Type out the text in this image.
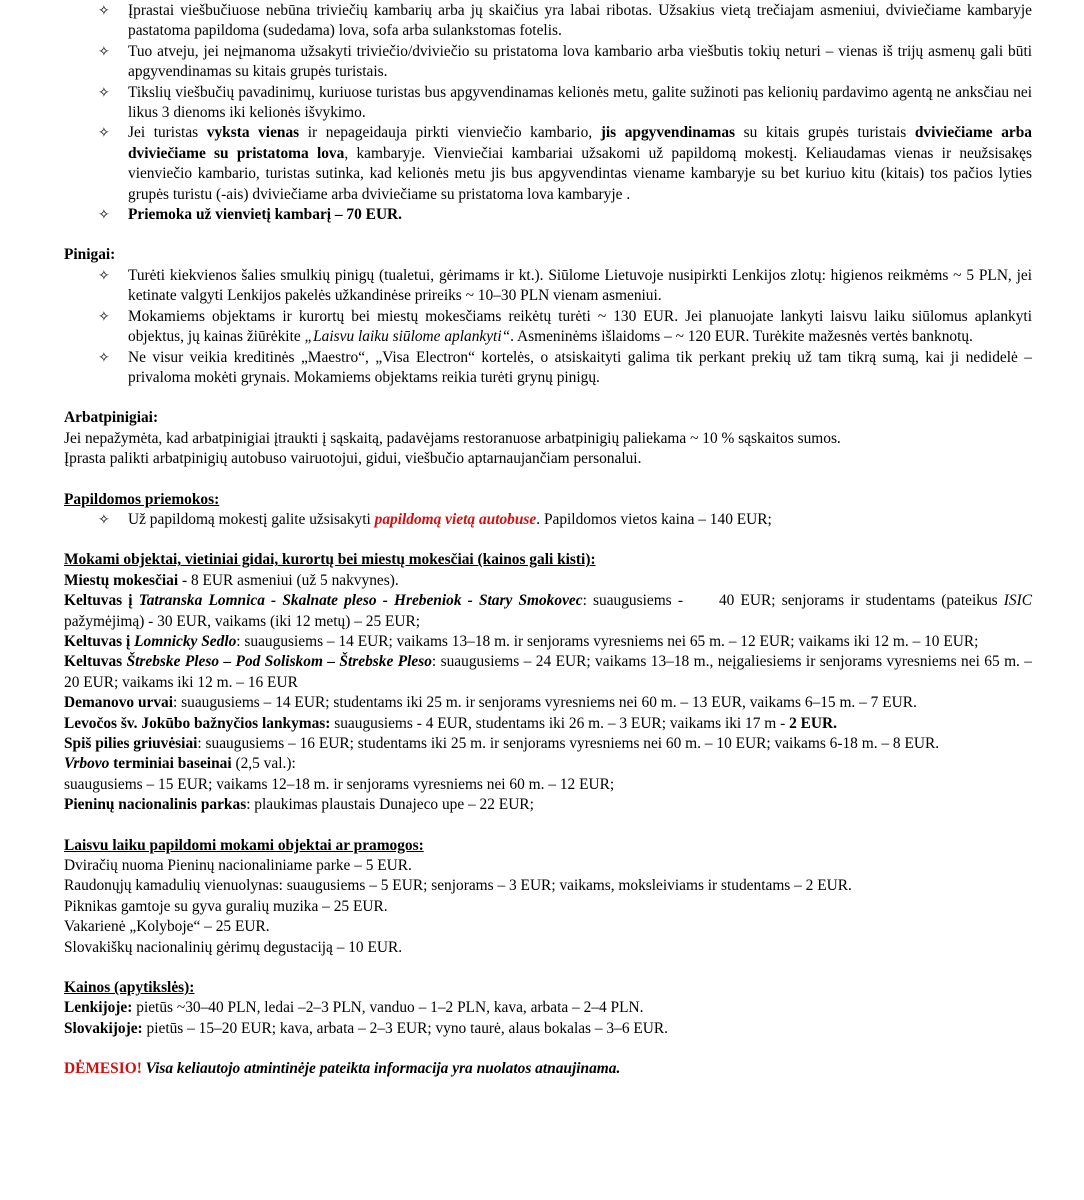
✧ Įprastai viešbučiuose nebūna triviečių kambarių arba jų skaičius yra labai ribotas. Užsakius vietą trečiajam asmeniui, dviviečiame kambaryje pastatoma papildoma (sudedama) lova, sofa arba sulankstomas fotelis.
✧ Tuo atveju, jei neįmanoma užsakyti triviečio/dviviečio su pristatoma lova kambario arba viešbutis tokių neturi – vienas iš trijų asmenų gali būti apgyvendinamas su kitais grupės turistais.
✧ Tikslių viešbučių pavadinimų, kuriuose turistas bus apgyvendinamas kelionės metu, galite sužinoti pas kelionių pardavimo agentą ne anksčiau nei likus 3 dienoms iki kelionės išvykimo.
✧ Jei turistas vyksta vienas ir nepageidauja pirkti vienviečio kambario, jis apgyvendinamas su kitais grupės turistais dviviečiame arba dviviečiame su pristatoma lova, kambaryje. Vienviečiai kambariai užsakomi už papildomą mokestį. Keliaudamas vienas ir neužsisakęs vienviečio kambario, turistas sutinka, kad kelionės metu jis bus apgyvendintas viename kambaryje su bet kuriuo kitu (kitais) tos pačios lyties grupės turistu (-ais) dviviečiame arba dviviečiame su pristatoma lova kambaryje .
✧ Priemoka už vienvietį kambarį – 70 EUR.
Pinigai:
✧ Turėti kiekvienos šalies smulkių pinigų (tualetui, gėrimams ir kt.). Siūlome Lietuvoje nusipirkti Lenkijos zlotų: higienos reikmėms ~ 5 PLN, jei ketinate valgyti Lenkijos pakelės užkandinėse prireiks ~ 10–30 PLN vienam asmeniui.
✧ Mokamiems objektams ir kurortų bei miestų mokesčiams reikėtų turėti ~ 130 EUR. Jei planuojate lankyti laisvu laiku siūlomus aplankyti objektus, jų kainas žiūrėkite „Laisvu laiku siūlome aplankyti“. Asmeninėms išlaidoms – ~ 120 EUR. Turėkite mažesnės vertės banknotų.
✧ Ne visur veikia kreditinės „Maestro“, „Visa Electron“ kortelės, o atsiskaityti galima tik perkant prekių už tam tikrą sumą, kai ji nedidelė – privaloma mokėti grynais. Mokamiems objektams reikia turėti grynų pinigų.
Arbatpinigiai:
Jei nepažymėta, kad arbatpinigiai įtraukti į sąskaitą, padavėjams restoranuose arbatpinigių paliekama ~ 10 % sąskaitos sumos.
Įprasta palikti arbatpinigių autobuso vairuotojui, gidui, viešbučio aptarnaujančiam personalui.
Papildomos priemokos:
✧ Už papildomą mokestį galite užsisakyti papildomą vietą autobuse. Papildomos vietos kaina – 140 EUR;
Mokami objektai, vietiniai gidai, kurortų bei miestų mokesčiai (kainos gali kisti):
Miestų mokesčiai - 8 EUR asmeniui (už 5 nakvynes).
Keltuvas į Tatranska Lomnica - Skalnate pleso - Hrebeniok - Stary Smokovec: suaugusiems - 40 EUR; senjorams ir studentams (pateikus ISIC pažymėjimą) - 30 EUR, vaikams (iki 12 metų) – 25 EUR;
Keltuvas į Lomnicky Sedlo: suaugusiems – 14 EUR; vaikams 13–18 m. ir senjorams vyresniems nei 65 m. – 12 EUR; vaikams iki 12 m. – 10 EUR;
Keltuvas Štrebske Pleso – Pod Soliskom – Štrebske Pleso: suaugusiems – 24 EUR; vaikams 13–18 m., neįgaliesiems ir senjorams vyresniems nei 65 m. – 20 EUR; vaikams iki 12 m. – 16 EUR
Demanovo urvai: suaugusiems – 14 EUR; studentams iki 25 m. ir senjorams vyresniems nei 60 m. – 13 EUR, vaikams 6–15 m. – 7 EUR.
Levočos šv. Jokūbo bažnyčios lankymas: suaugusiems - 4 EUR, studentams iki 26 m. – 3 EUR; vaikams iki 17 m - 2 EUR.
Spiš pilies griuvėsiai: suaugusiems – 16 EUR; studentams iki 25 m. ir senjorams vyresniems nei 60 m. – 10 EUR; vaikams 6-18 m. – 8 EUR.
Vrbovo terminiai baseinai (2,5 val.):
suaugusiems – 15 EUR; vaikams 12–18 m. ir senjorams vyresniems nei 60 m. – 12 EUR;
Pieninų nacionalinis parkas: plaukimas plaustais Dunajeco upe – 22 EUR;
Laisvu laiku papildomi mokami objektai ar pramogos:
Dviračių nuoma Pieninų nacionaliniame parke – 5 EUR.
Raudonųjų kamadulių vienuolynas: suaugusiems – 5 EUR; senjorams – 3 EUR; vaikams, moksleiviams ir studentams – 2 EUR.
Piknikas gamtoje su gyva guralių muzika – 25 EUR.
Vakarienė „Kolyboje“ – 25 EUR.
Slovakiškų nacionalinių gėrimų degustaciją – 10 EUR.
Kainos (apytikslės):
Lenkijoje: pietūs ~30–40 PLN, ledai –2–3 PLN, vanduo – 1–2 PLN, kava, arbata – 2–4 PLN.
Slovakijoje: pietūs – 15–20 EUR; kava, arbata – 2–3 EUR; vyno taurė, alaus bokalas – 3–6 EUR.
DĖMESIO! Visa keliautojo atmintinėje pateikta informacija yra nuolatos atnaujinama.
